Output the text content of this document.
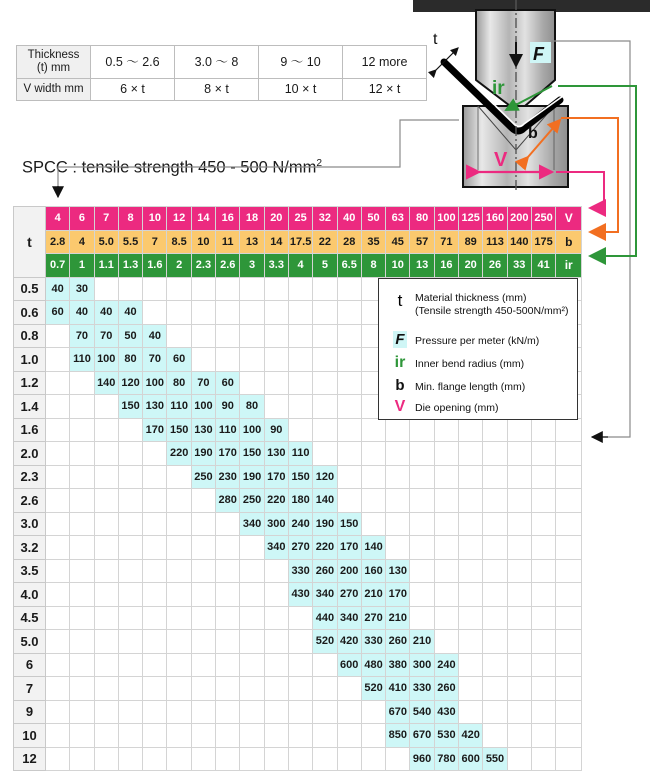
Thickness
(t) mm	0.5 ～ 2.6	3.0 ～ 8	9 ～ 10	12 more
V width mm	6 × t	8 × t	10 × t	12 × t
SPCC : tensile strength 450 - 500 $N/mm^2$
t	4	6	7	8	10	12	14	16	18	20	25	32	40	50	63	80	100	125	160	200	250	V
	2.8	4	5.0	5.5	7	8.5	10	11	13	14	17.5	22	28	35	45	57	71	89	113	140	175	b
	0.7	1	1.1	1.3	1.6	2	2.3	2.6	3	3.3	4	5	6.5	8	10	13	16	20	26	33	41	ir
0.5	40	30																				
0.6	60	40	40	40																		
0.8		70	70	50	40																	
1.0		110	100	80	70	60																
1.2			140	120	100	80	70	60														
1.4				150	130	110	100	90	80													
1.6					170	150	130	110	100	90												
2.0						220	190	170	150	130	110											
2.3							250	230	190	170	150	120										
2.6								280	250	220	180	140										
3.0									340	300	240	190	150									
3.2										340	270	220	170	140								
3.5											330	260	200	160	130							
4.0											430	340	270	210	170							
4.5												440	340	270	210							
5.0												520	420	330	260	210						
6													600	480	380	300	240					
7														520	410	330	260					
9															670	540	430					
10															850	670	530	420				
12																960	780	600	550			
t	Material thickness (mm)
(Tensile strength 450-500N/mm²)
F Pressure per meter (kN/m)
ir Inner bend radius (mm)
b Min. flange length (mm)
V Die opening (mm)
t
F
ir
b
V
